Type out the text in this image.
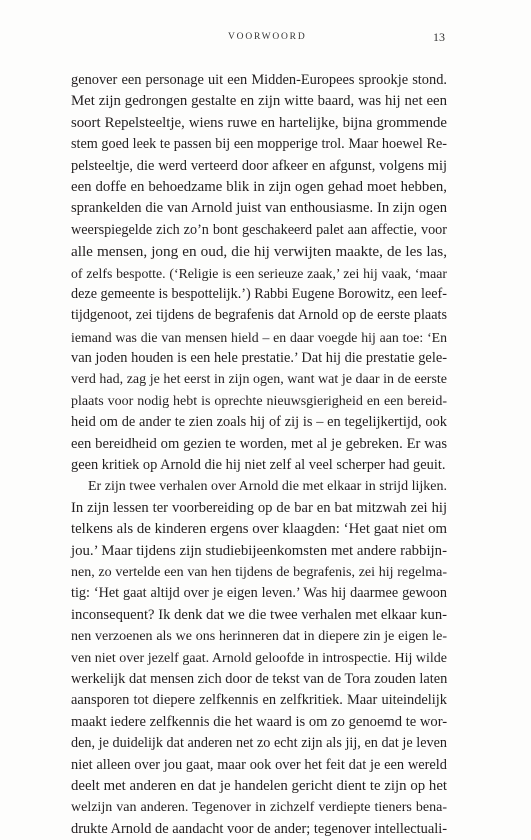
VOORWOORD	13
genover een personage uit een Midden-Europees sprookje stond.
Met zijn gedrongen gestalte en zijn witte baard, was hij net een
soort Repelsteeltje, wiens ruwe en hartelijke, bijna grommende
stem goed leek te passen bij een mopperige trol. Maar hoewel Re-
pelsteeltje, die werd verteerd door afkeer en afgunst, volgens mij
een doffe en behoedzame blik in zijn ogen gehad moet hebben,
sprankelden die van Arnold juist van enthousiasme. In zijn ogen
weerspiegelde zich zo’n bont geschakeerd palet aan affectie, voor
alle mensen, jong en oud, die hij verwijten maakte, de les las,
of zelfs bespotte. (‘Religie is een serieuze zaak,’ zei hij vaak, ‘maar
deze gemeente is bespottelijk.’) Rabbi Eugene Borowitz, een leef-
tijdgenoot, zei tijdens de begrafenis dat Arnold op de eerste plaats
iemand was die van mensen hield – en daar voegde hij aan toe: ‘En
van joden houden is een hele prestatie.’ Dat hij die prestatie gele-
verd had, zag je het eerst in zijn ogen, want wat je daar in de eerste
plaats voor nodig hebt is oprechte nieuwsgierigheid en een bereid-
heid om de ander te zien zoals hij of zij is – en tegelijkertijd, ook
een bereidheid om gezien te worden, met al je gebreken. Er was
geen kritiek op Arnold die hij niet zelf al veel scherper had geuit.
Er zijn twee verhalen over Arnold die met elkaar in strijd lijken.
In zijn lessen ter voorbereiding op de bar en bat mitzwah zei hij
telkens als de kinderen ergens over klaagden: ‘Het gaat niet om
jou.’ Maar tijdens zijn studiebijeenkomsten met andere rabbijn-
nen, zo vertelde een van hen tijdens de begrafenis, zei hij regelma-
tig: ‘Het gaat altijd over je eigen leven.’ Was hij daarmee gewoon
inconsequent? Ik denk dat we die twee verhalen met elkaar kun-
nen verzoenen als we ons herinneren dat in diepere zin je eigen le-
ven niet over jezelf gaat. Arnold geloofde in introspectie. Hij wilde
werkelijk dat mensen zich door de tekst van de Tora zouden laten
aansporen tot diepere zelfkennis en zelfkritiek. Maar uiteindelijk
maakt iedere zelfkennis die het waard is om zo genoemd te wor-
den, je duidelijk dat anderen net zo echt zijn als jij, en dat je leven
niet alleen over jou gaat, maar ook over het feit dat je een wereld
deelt met anderen en dat je handelen gericht dient te zijn op het
welzijn van anderen. Tegenover in zichzelf verdiepte tieners bena-
drukte Arnold de aandacht voor de ander; tegenover intellectuali-
